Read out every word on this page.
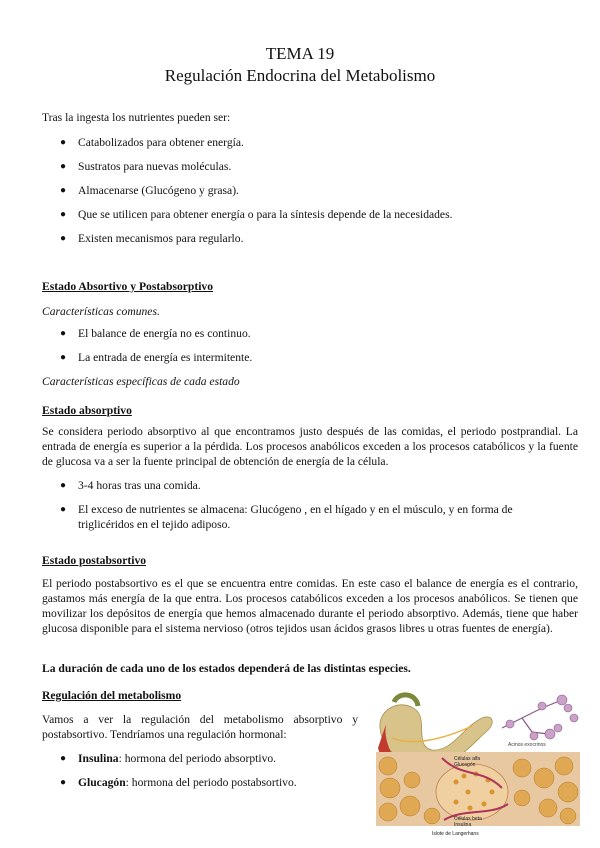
TEMA 19
Regulación Endocrina del Metabolismo
Tras la ingesta los nutrientes pueden ser:
● Catabolizados para obtener energía.
● Sustratos para nuevas moléculas.
● Almacenarse (Glucógeno y grasa).
● Que se utilicen para obtener energía o para la síntesis depende de la necesidades.
● Existen mecanismos para regularlo.
Estado Absortivo y Postabsorptivo
Características comunes.
● El balance de energía no es continuo.
● La entrada de energía es intermitente.
Características específicas de cada estado
Estado absorptivo
Se considera periodo absorptivo al que encontramos justo después de las comidas, el periodo postprandial. La entrada de energía es superior a la pérdida. Los procesos anabólicos exceden a los procesos catabólicos y la fuente de glucosa va a ser la fuente principal de obtención de energía de la célula.
● 3-4 horas tras una comida.
● El exceso de nutrientes se almacena: Glucógeno , en el hígado y en el músculo, y en forma de triglicéridos en el tejido adiposo.
Estado postabsortivo
El periodo postabsortivo es el que se encuentra entre comidas. En este caso el balance de energía es el contrario, gastamos más energía de la que entra. Los procesos catabólicos exceden a los procesos anabólicos. Se tienen que movilizar los depósitos de energía que hemos almacenado durante el periodo absorptivo. Además, tiene que haber glucosa disponible para el sistema nervioso (otros tejidos usan ácidos grasos libres u otras fuentes de energía).
La duración de cada uno de los estados dependerá de las distintas especies.
Regulación del metabolismo
Vamos a ver la regulación del metabolismo absorptivo y postabsortivo. Tendríamos una regulación hormonal:
● Insulina: hormona del periodo absorptivo.
● Glucagón: hormona del periodo postabsortivo.
Acinos exocrinos
Células alfa
Glucagón
Células beta
Insulina
Islote de Langerhans
